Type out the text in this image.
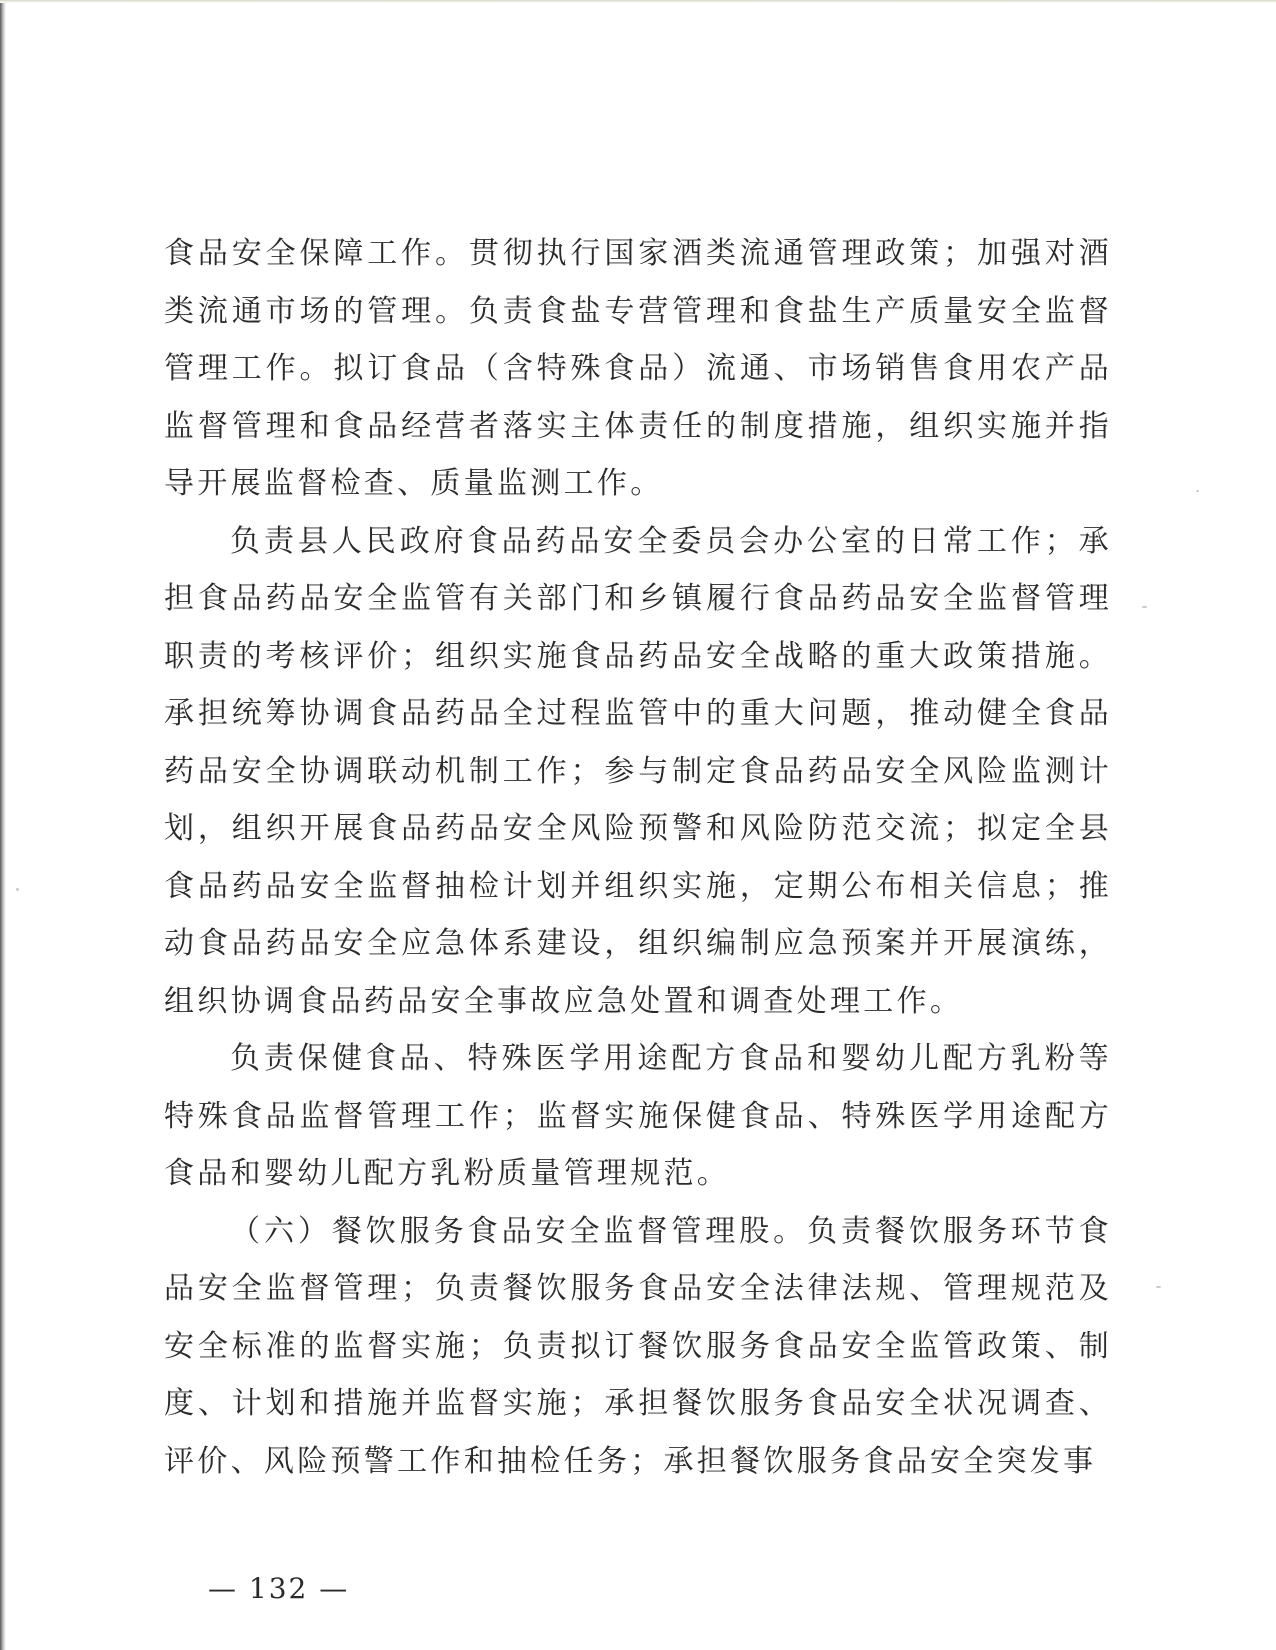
食品安全保障工作。贯彻执行国家酒类流通管理政策；加强对酒类流通市场的管理。负责食盐专营管理和食盐生产质量安全监督管理工作。拟订食品（含特殊食品）流通、市场销售食用农产品监督管理和食品经营者落实主体责任的制度措施，组织实施并指导开展监督检查、质量监测工作。

负责县人民政府食品药品安全委员会办公室的日常工作；承担食品药品安全监管有关部门和乡镇履行食品药品安全监督管理职责的考核评价；组织实施食品药品安全战略的重大政策措施。承担统筹协调食品药品全过程监管中的重大问题，推动健全食品药品安全协调联动机制工作；参与制定食品药品安全风险监测计划，组织开展食品药品安全风险预警和风险防范交流；拟定全县食品药品安全监督抽检计划并组织实施，定期公布相关信息；推动食品药品安全应急体系建设，组织编制应急预案并开展演练，组织协调食品药品安全事故应急处置和调查处理工作。

负责保健食品、特殊医学用途配方食品和婴幼儿配方乳粉等特殊食品监督管理工作；监督实施保健食品、特殊医学用途配方食品和婴幼儿配方乳粉质量管理规范。

（六）餐饮服务食品安全监督管理股。负责餐饮服务环节食品安全监督管理；负责餐饮服务食品安全法律法规、管理规范及安全标准的监督实施；负责拟订餐饮服务食品安全监管政策、制度、计划和措施并监督实施；承担餐饮服务食品安全状况调查、评价、风险预警工作和抽检任务；承担餐饮服务食品安全突发事

— 132 —
